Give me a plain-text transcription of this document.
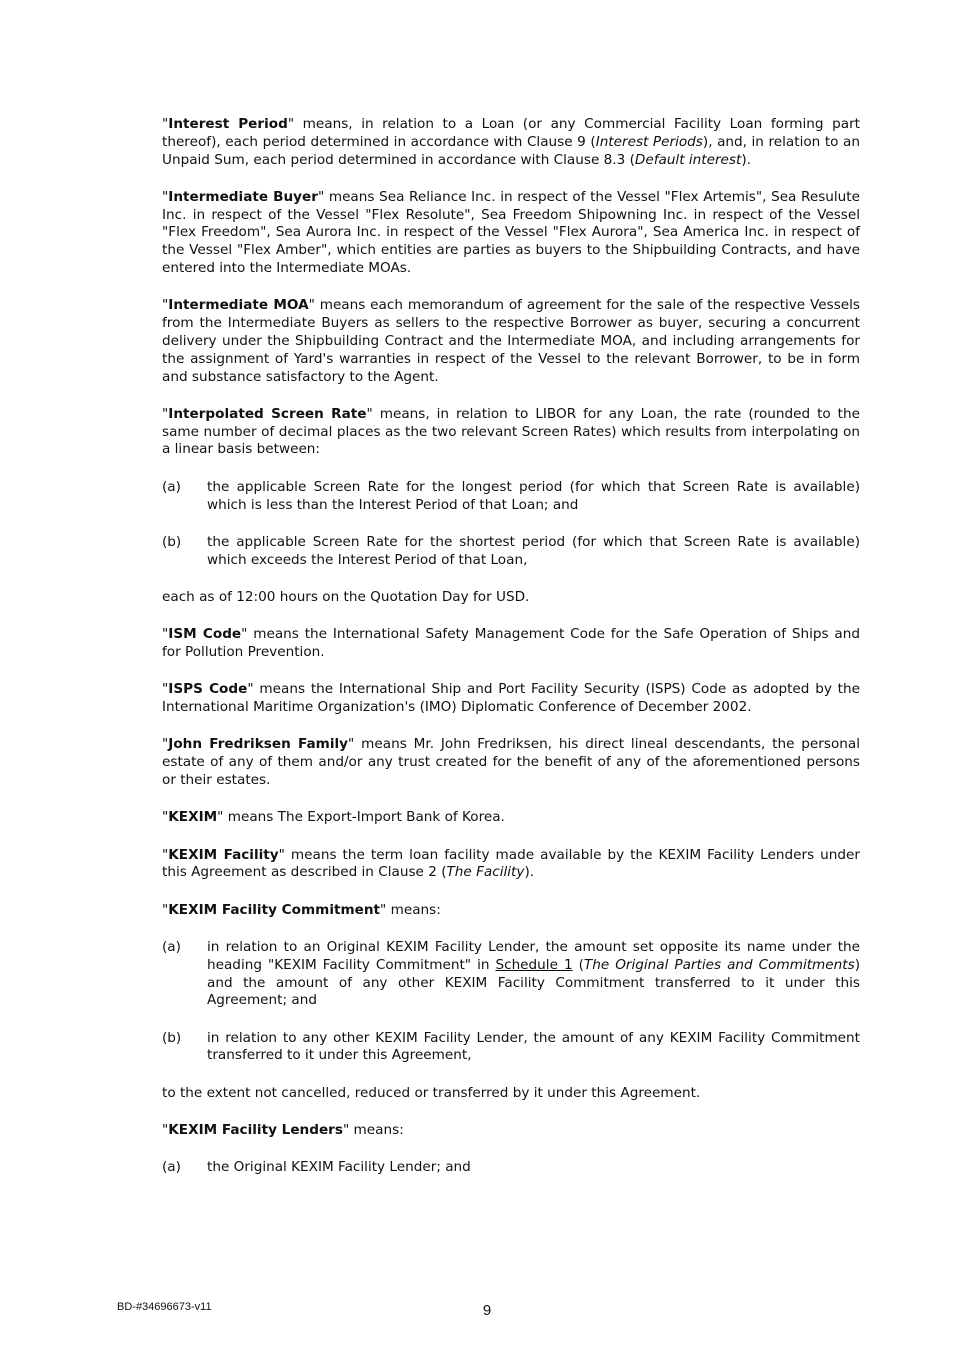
"Interest Period" means, in relation to a Loan (or any Commercial Facility Loan forming part thereof), each period determined in accordance with Clause 9 (Interest Periods), and, in relation to an Unpaid Sum, each period determined in accordance with Clause 8.3 (Default interest).

"Intermediate Buyer" means Sea Reliance Inc. in respect of the Vessel "Flex Artemis", Sea Resulute Inc. in respect of the Vessel "Flex Resolute", Sea Freedom Shipowning Inc. in respect of the Vessel "Flex Freedom", Sea Aurora Inc. in respect of the Vessel "Flex Aurora", Sea America Inc. in respect of the Vessel "Flex Amber", which entities are parties as buyers to the Shipbuilding Contracts, and have entered into the Intermediate MOAs.

"Intermediate MOA" means each memorandum of agreement for the sale of the respective Vessels from the Intermediate Buyers as sellers to the respective Borrower as buyer, securing a concurrent delivery under the Shipbuilding Contract and the Intermediate MOA, and including arrangements for the assignment of Yard's warranties in respect of the Vessel to the relevant Borrower, to be in form and substance satisfactory to the Agent.

"Interpolated Screen Rate" means, in relation to LIBOR for any Loan, the rate (rounded to the same number of decimal places as the two relevant Screen Rates) which results from interpolating on a linear basis between:

(a)	the applicable Screen Rate for the longest period (for which that Screen Rate is available) which is less than the Interest Period of that Loan; and
(b)	the applicable Screen Rate for the shortest period (for which that Screen Rate is available) which exceeds the Interest Period of that Loan,

each as of 12:00 hours on the Quotation Day for USD.

"ISM Code" means the International Safety Management Code for the Safe Operation of Ships and for Pollution Prevention.

"ISPS Code" means the International Ship and Port Facility Security (ISPS) Code as adopted by the International Maritime Organization's (IMO) Diplomatic Conference of December 2002.

"John Fredriksen Family" means Mr. John Fredriksen, his direct lineal descendants, the personal estate of any of them and/or any trust created for the benefit of any of the aforementioned persons or their estates.

"KEXIM" means The Export-Import Bank of Korea.

"KEXIM Facility" means the term loan facility made available by the KEXIM Facility Lenders under this Agreement as described in Clause 2 (The Facility).

"KEXIM Facility Commitment" means:

(a)	in relation to an Original KEXIM Facility Lender, the amount set opposite its name under the heading "KEXIM Facility Commitment" in Schedule 1 (The Original Parties and Commitments) and the amount of any other KEXIM Facility Commitment transferred to it under this Agreement; and
(b)	in relation to any other KEXIM Facility Lender, the amount of any KEXIM Facility Commitment transferred to it under this Agreement,

to the extent not cancelled, reduced or transferred by it under this Agreement.

"KEXIM Facility Lenders" means:

(a)	the Original KEXIM Facility Lender; and
BD-#34696673-v11	9
